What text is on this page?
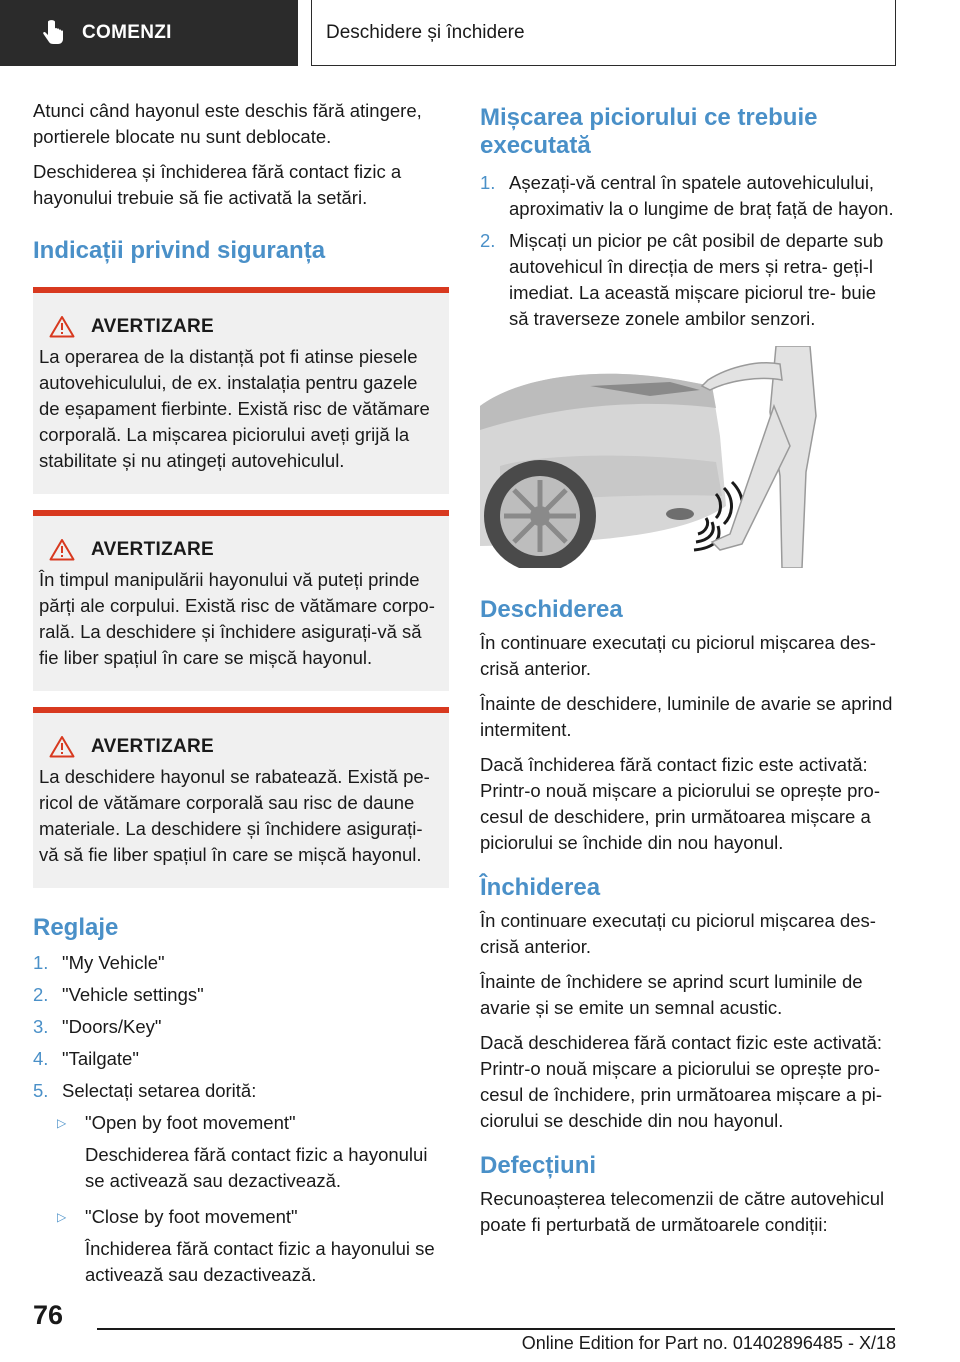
COMENZI	Deschidere și închidere

Atunci când hayonul este deschis fără atingere, portierele blocate nu sunt deblocate.

Deschiderea și închiderea fără contact fizic a hayonului trebuie să fie activată la setări.

Indicații privind siguranța
AVERTIZARE
La operarea de la distanță pot fi atinse piesele autovehiculului, de ex. instalația pentru gazele de eșapament fierbinte. Există risc de vătămare corporală. La mișcarea piciorului aveți grijă la stabilitate și nu atingeți autovehiculul.
AVERTIZARE
În timpul manipulării hayonului vă puteți prinde părți ale corpului. Există risc de vătămare corpo‐ rală. La deschidere și închidere asigurați‐vă să fie liber spațiul în care se mișcă hayonul.
AVERTIZARE
La deschidere hayonul se rabatează. Există pe‐ ricol de vătămare corporală sau risc de daune materiale. La deschidere și închidere asigurați‐ vă să fie liber spațiul în care se mișcă hayonul.
Reglaje
1. "My Vehicle"
2. "Vehicle settings"
3. "Doors/Key"
4. "Tailgate"
5. Selectați setarea dorită:
▷	"Open by foot movement"

Deschiderea fără contact fizic a hayonului se activează sau dezactivează.

▷	"Close by foot movement"

Închiderea fără contact fizic a hayonului se activează sau dezactivează.

Mișcarea piciorului ce trebuie executată
1. Așezați‐vă central în spatele autovehiculului, aproximativ la o lungime de braț față de hayon.
2. Mișcați un picior pe cât posibil de departe sub autovehicul în direcția de mers și retra‐ geți‐l imediat. La această mișcare piciorul tre‐ buie să traverseze zonele ambilor senzori.
Deschiderea

În continuare executați cu piciorul mișcarea des‐ crisă anterior.

Înainte de deschidere, luminile de avarie se aprind intermitent.

Dacă închiderea fără contact fizic este activată: Printr‐o nouă mișcare a piciorului se oprește pro‐ cesul de deschidere, prin următoarea mișcare a piciorului se închide din nou hayonul.

Închiderea

În continuare executați cu piciorul mișcarea des‐ crisă anterior.

Înainte de închidere se aprind scurt luminile de avarie și se emite un semnal acustic.

Dacă deschiderea fără contact fizic este activată: Printr‐o nouă mișcare a piciorului se oprește pro‐ cesul de închidere, prin următoarea mișcare a pi‐ ciorului se deschide din nou hayonul.

Defecțiuni

Recunoașterea telecomenzii de către autovehicul poate fi perturbată de următoarele condiții:

76
Online Edition for Part no. 01402896485 - X/18
